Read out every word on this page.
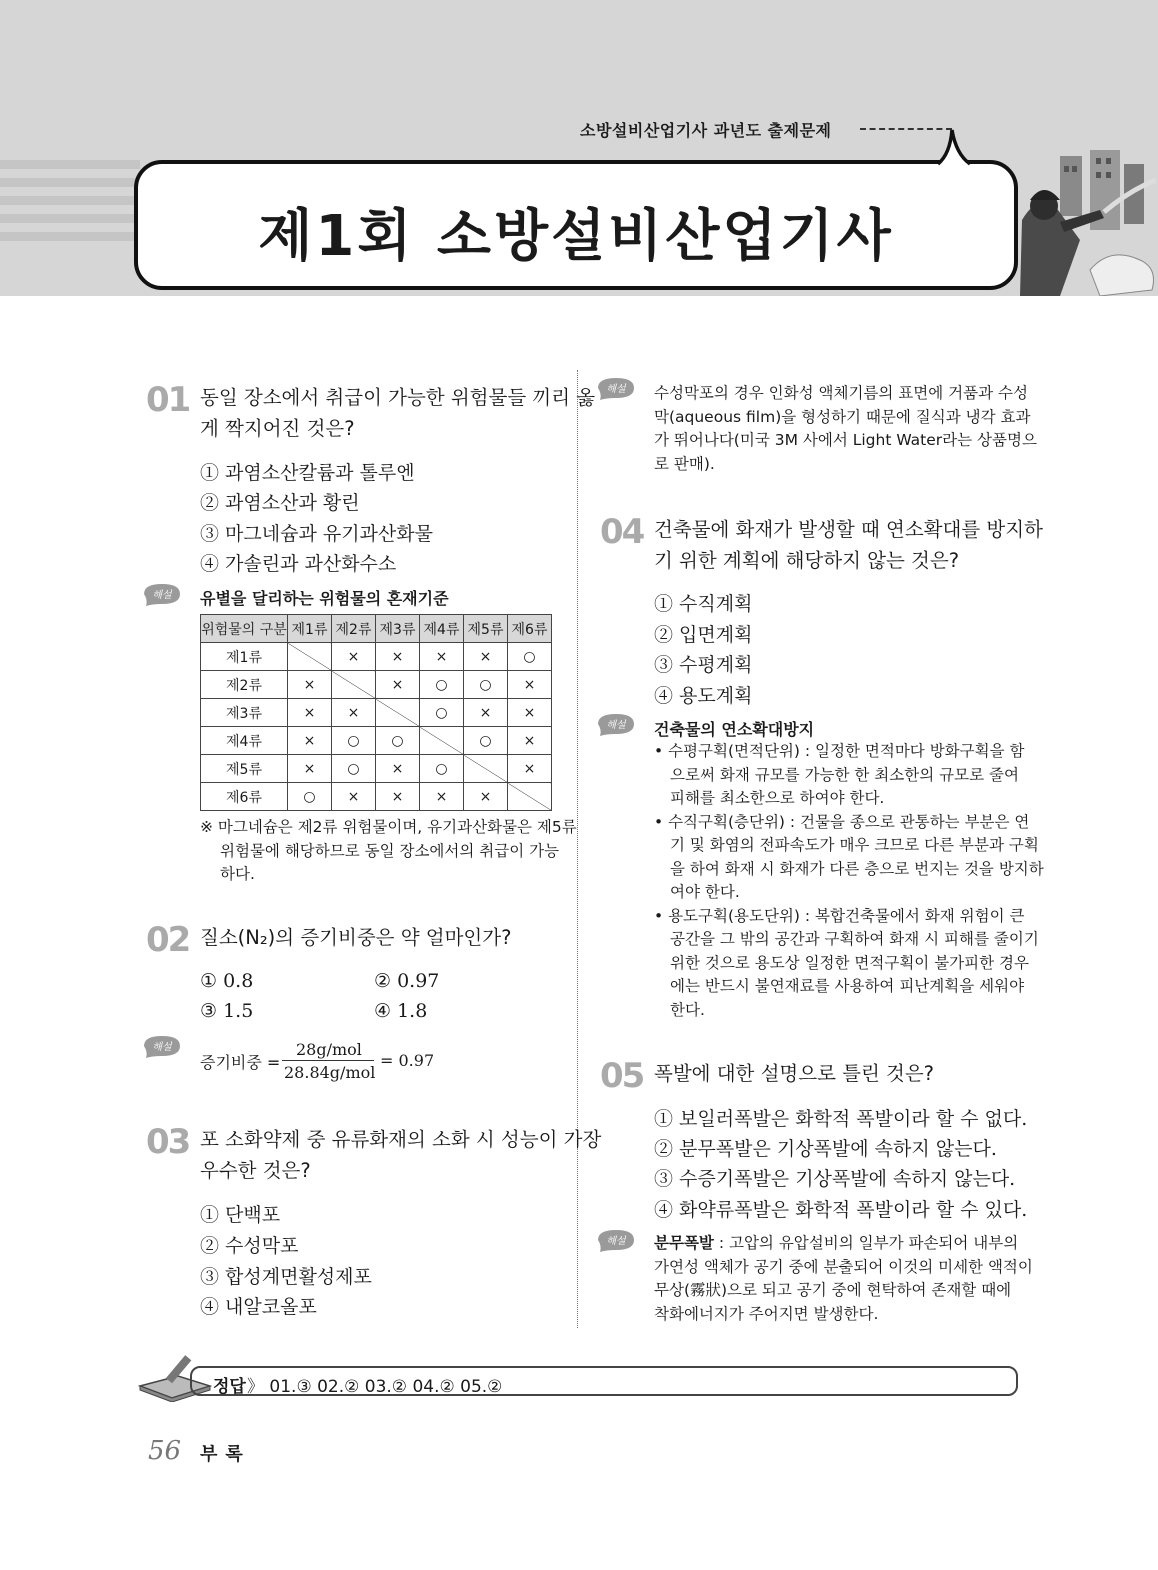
소방설비산업기사 과년도 출제문제
제1회 소방설비산업기사
01 동일 장소에서 취급이 가능한 위험물들 끼리 옳
게 짝지어진 것은?
① 과염소산칼륨과 톨루엔
② 과염소산과 황린
③ 마그네슘과 유기과산화물
④ 가솔린과 과산화수소
해설 유별을 달리하는 위험물의 혼재기준
위험물의 구분	제1류	제2류	제3류	제4류	제5류	제6류
제1류		×	×	×	×	○
제2류	×		×	○	○	×
제3류	×	×		○	×	×
제4류	×	○	○		○	×
제5류	×	○	×	○		×
제6류	○	×	×	×	×	
※ 마그네슘은 제2류 위험물이며, 유기과산화물은 제5류
위험물에 해당하므로 동일 장소에서의 취급이 가능
하다.
02 질소(N₂)의 증기비중은 약 얼마인가?
① 0.8	② 0.97
③ 1.5	④ 1.8
해설
증기비중 =
28g/mol
28.84g/mol
= 0.97
03 포 소화약제 중 유류화재의 소화 시 성능이 가장
우수한 것은?
① 단백포
② 수성막포
③ 합성계면활성제포
④ 내알코올포
해설 수성막포의 경우 인화성 액체기름의 표면에 거품과 수성
막(aqueous film)을 형성하기 때문에 질식과 냉각 효과
가 뛰어나다(미국 3M 사에서 Light Water라는 상품명으
로 판매).
04 건축물에 화재가 발생할 때 연소확대를 방지하
기 위한 계획에 해당하지 않는 것은?
① 수직계획
② 입면계획
③ 수평계획
④ 용도계획
해설 건축물의 연소확대방지
• 수평구획(면적단위) : 일정한 면적마다 방화구획을 함
으로써 화재 규모를 가능한 한 최소한의 규모로 줄여
피해를 최소한으로 하여야 한다.
• 수직구획(층단위) : 건물을 종으로 관통하는 부분은 연
기 및 화염의 전파속도가 매우 크므로 다른 부분과 구획
을 하여 화재 시 화재가 다른 층으로 번지는 것을 방지하
여야 한다.
• 용도구획(용도단위) : 복합건축물에서 화재 위험이 큰
공간을 그 밖의 공간과 구획하여 화재 시 피해를 줄이기
위한 것으로 용도상 일정한 면적구획이 불가피한 경우
에는 반드시 불연재료를 사용하여 피난계획을 세워야
한다.
05 폭발에 대한 설명으로 틀린 것은?
① 보일러폭발은 화학적 폭발이라 할 수 없다.
② 분무폭발은 기상폭발에 속하지 않는다.
③ 수증기폭발은 기상폭발에 속하지 않는다.
④ 화약류폭발은 화학적 폭발이라 할 수 있다.
해설 분무폭발 : 고압의 유압설비의 일부가 파손되어 내부의
가연성 액체가 공기 중에 분출되어 이것의 미세한 액적이
무상(霧狀)으로 되고 공기 중에 현탁하여 존재할 때에
착화에너지가 주어지면 발생한다.
정답 》 01.③ 02.② 03.② 04.② 05.②
56 부록
